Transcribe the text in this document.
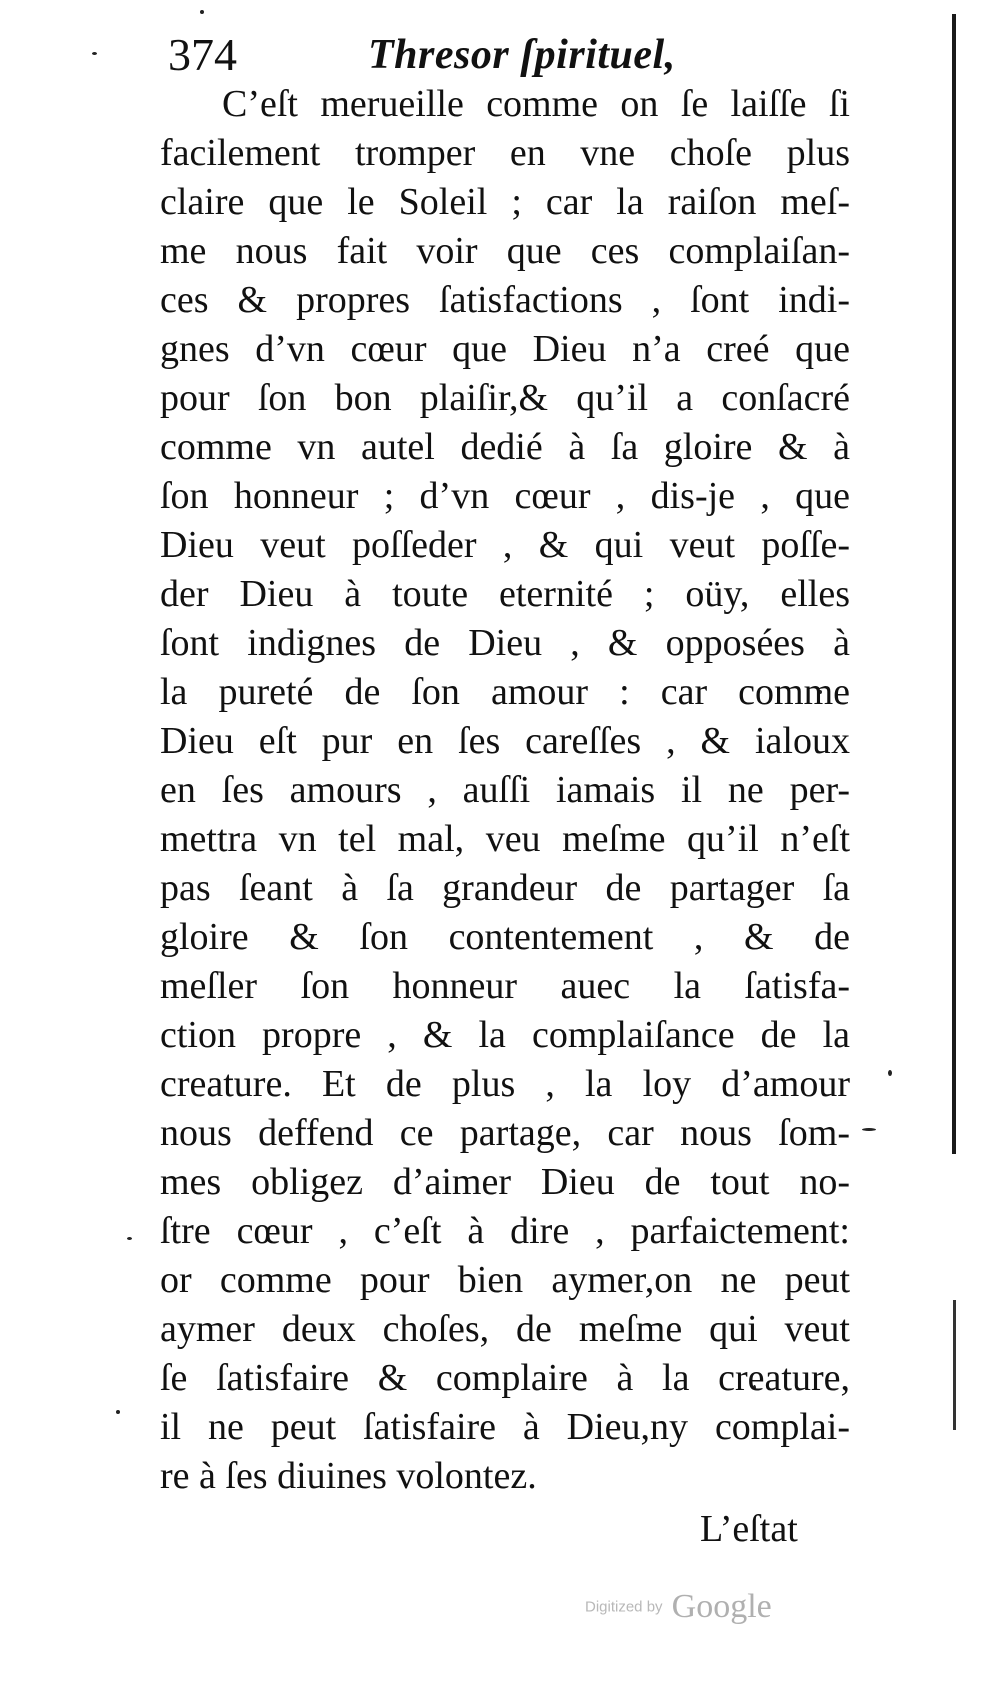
374	Thresor ſpirituel,
C’eſt merueille comme on ſe laiſſe ſi
facilement tromper en vne choſe plus
claire que le Soleil ; car la raiſon meſ-
me nous fait voir que ces complaiſan-
ces & propres ſatisfactions , ſont indi-
gnes d’vn cœur que Dieu n’a creé que
pour ſon bon plaiſir,& qu’il a conſacré
comme vn autel dedié à ſa gloire & à
ſon honneur ; d’vn cœur , dis-je , que
Dieu veut poſſeder , & qui veut poſſe-
der Dieu à toute eternité ; oüy, elles
ſont indignes de Dieu , & opposées à
la pureté de ſon amour : car comme
Dieu eſt pur en ſes careſſes , & ialoux
en ſes amours , auſſi iamais il ne per-
mettra vn tel mal, veu meſme qu’il n’eſt
pas ſeant à ſa grandeur de partager ſa
gloire & ſon contentement , & de
meſler ſon honneur auec la ſatisfa-
ction propre , & la complaiſance de la
creature. Et de plus , la loy d’amour
nous deffend ce partage, car nous ſom-
mes obligez d’aimer Dieu de tout no-
ſtre cœur , c’eſt à dire , parfaictement:
or comme pour bien aymer,on ne peut
aymer deux choſes, de meſme qui veut
ſe ſatisfaire & complaire à la creature,
il ne peut ſatisfaire à Dieu,ny complai-
re à ſes diuines volontez.
L’eſtat
Digitized by Google
